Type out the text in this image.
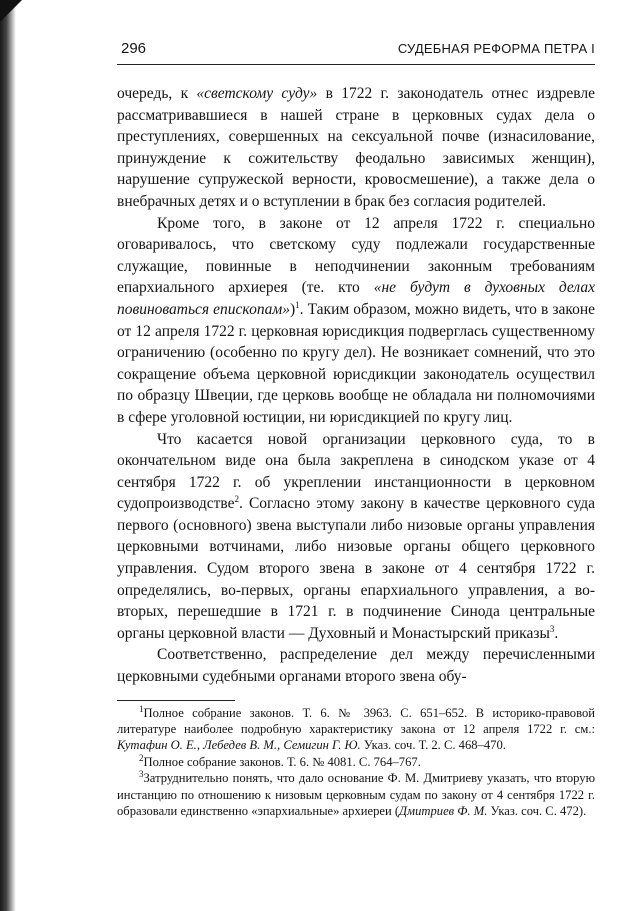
296	СУДЕБНАЯ РЕФОРМА ПЕТРА I

очередь, к «светскому суду» в 1722 г. законодатель отнес издревле рассматривавшиеся в нашей стране в церковных судах дела о преступлениях, совершенных на сексуальной почве (изнасилование, принуждение к сожительству феодально зависимых женщин), нарушение супружеской верности, кровосмешение), а также дела о внебрачных детях и о вступлении в брак без согласия родителей.

Кроме того, в законе от 12 апреля 1722 г. специально оговаривалось, что светскому суду подлежали государственные служащие, повинные в неподчинении законным требованиям епархиального архиерея (те. кто «не будут в духовных делах повиноваться епископам»)$^1$. Таким образом, можно видеть, что в законе от 12 апреля 1722 г. церковная юрисдикция подверглась существенному ограничению (особенно по кругу дел). Не возникает сомнений, что это сокращение объема церковной юрисдикции законодатель осуществил по образцу Швеции, где церковь вообще не обладала ни полномочиями в сфере уголовной юстиции, ни юрисдикцией по кругу лиц.

Что касается новой организации церковного суда, то в окончательном виде она была закреплена в синодском указе от 4 сентября 1722 г. об укреплении инстанционности в церковном судопроизводстве$^2$. Согласно этому закону в качестве церковного суда первого (основного) звена выступали либо низовые органы управления церковными вотчинами, либо низовые органы общего церковного управления. Судом второго звена в законе от 4 сентября 1722 г. определялись, во-первых, органы епархиального управления, а во-вторых, перешедшие в 1721 г. в подчинение Синода центральные органы церковной власти — Духовный и Монастырский приказы$^3$.

Соответственно, распределение дел между перечисленными церковными судебными органами второго звена обу-

$^1$Полное собрание законов. Т. 6. № 3963. С. 651–652. В историко-правовой литературе наиболее подробную характеристику закона от 12 апреля 1722 г. см.: Кутафин О. Е., Лебедев В. М., Семигин Г. Ю. Указ. соч. Т. 2. С. 468–470.

$^2$Полное собрание законов. Т. 6. № 4081. С. 764–767.

$^3$Затруднительно понять, что дало основание Ф. М. Дмитриеву указать, что вторую инстанцию по отношению к низовым церковным судам по закону от 4 сентября 1722 г. образовали единственно «эпархиальные» архиереи (Дмитриев Ф. М. Указ. соч. С. 472).
